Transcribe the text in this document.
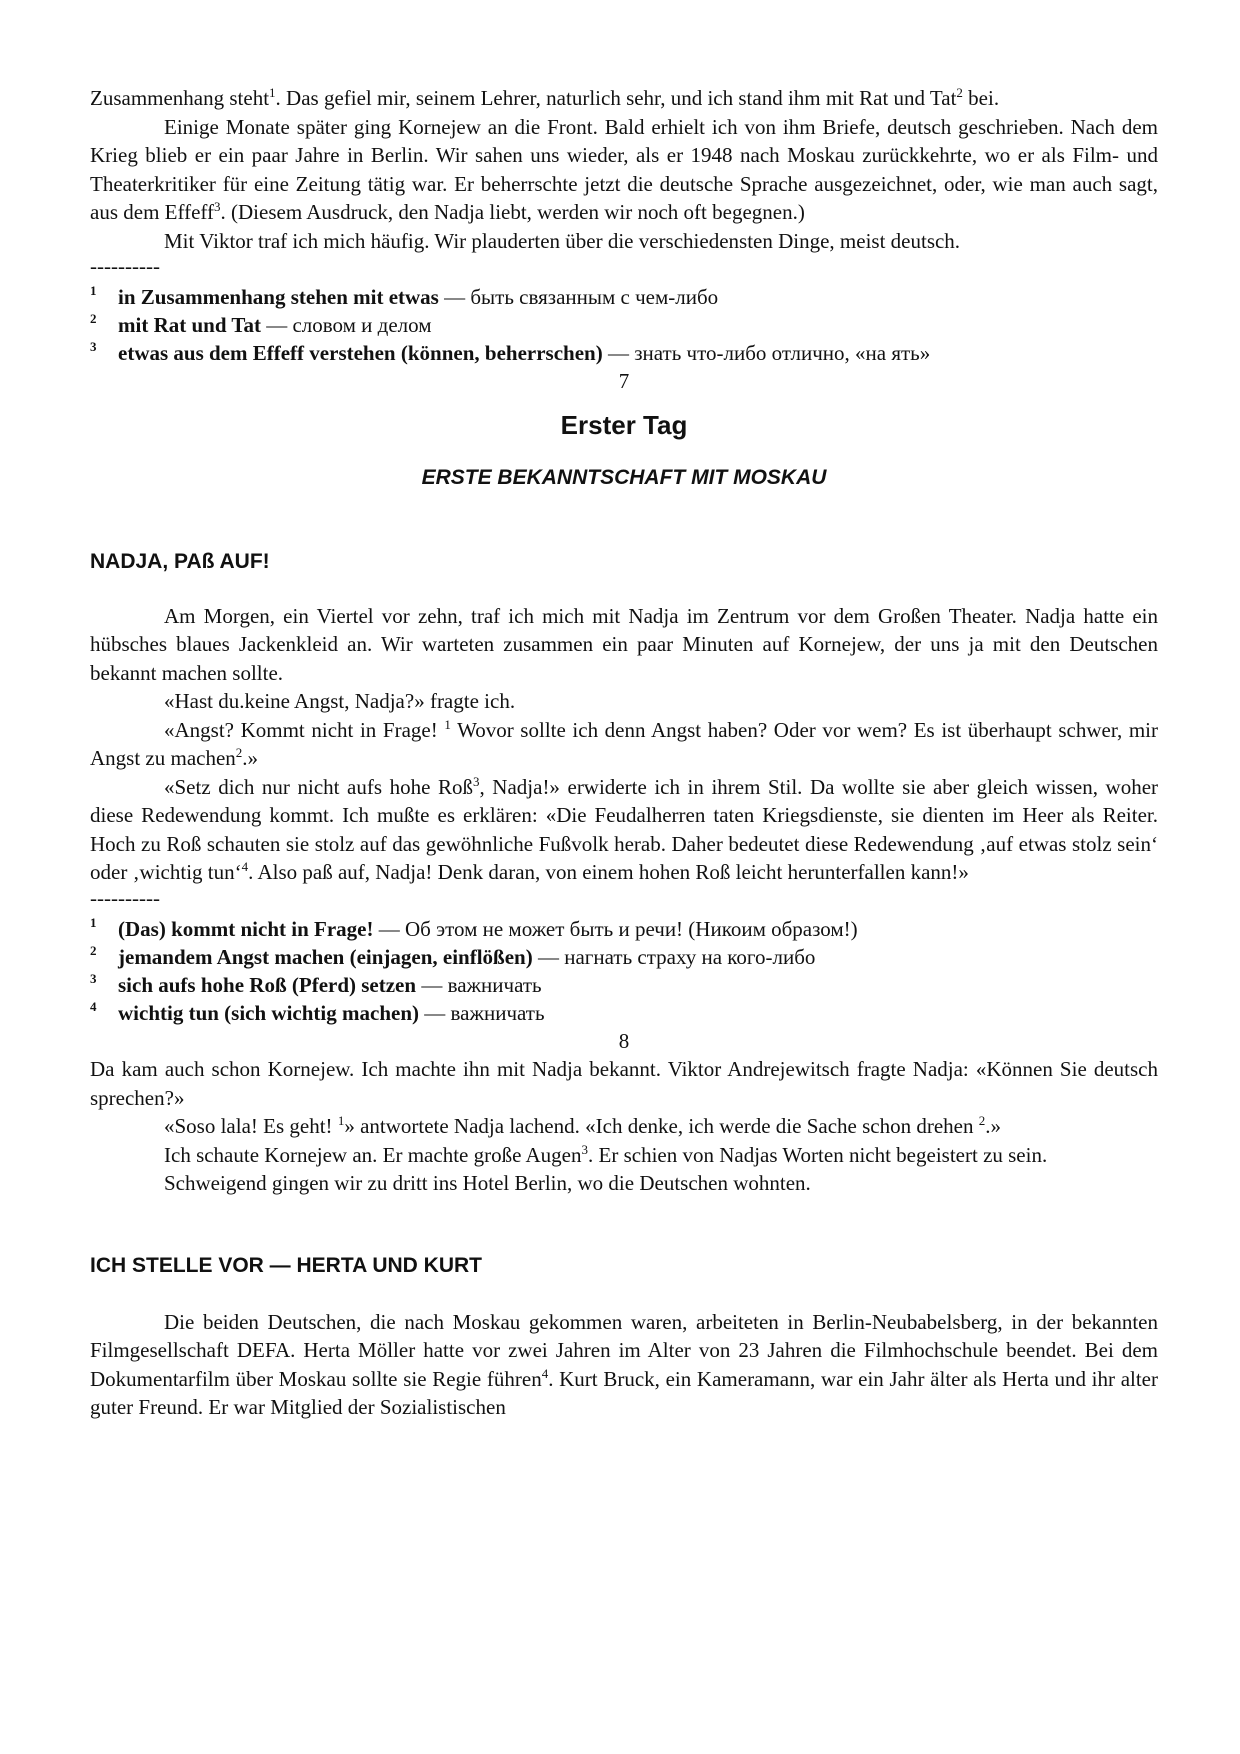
Zusammenhang steht$^1$. Das gefiel mir, seinem Lehrer, naturlich sehr, und ich stand ihm mit Rat und Tat$^2$ bei.

Einige Monate später ging Kornejew an die Front. Bald erhielt ich von ihm Briefe, deutsch geschrieben. Nach dem Krieg blieb er ein paar Jahre in Berlin. Wir sahen uns wieder, als er 1948 nach Moskau zurückkehrte, wo er als Film- und Theaterkritiker für eine Zeitung tätig war. Er beherrschte jetzt die deutsche Sprache ausgezeichnet, oder, wie man auch sagt, aus dem Effeff$^3$. (Diesem Ausdruck, den Nadja liebt, werden wir noch oft begegnen.)

Mit Viktor traf ich mich häufig. Wir plauderten über die verschiedensten Dinge, meist deutsch.

----------

1 in Zusammenhang stehen mit etwas — быть связанным с чем-либо

2 mit Rat und Tat — словом и делом

3 etwas aus dem Effeff verstehen (können, beherrschen) — знать что-либо отлично, «на ять»

7

Erster Tag
ERSTE BEKANNTSCHAFT MIT MOSKAU
NADJA, PAß AUF!

Am Morgen, ein Viertel vor zehn, traf ich mich mit Nadja im Zentrum vor dem Großen Theater. Nadja hatte ein hübsches blaues Jackenkleid an. Wir warteten zusammen ein paar Minuten auf Kornejew, der uns ja mit den Deutschen bekannt machen sollte.

«Hast du.keine Angst, Nadja?» fragte ich.

«Angst? Kommt nicht in Frage! $^1$ Wovor sollte ich denn Angst haben? Oder vor wem? Es ist überhaupt schwer, mir Angst zu machen$^2$.»

«Setz dich nur nicht aufs hohe Roß$^3$, Nadja!» erwiderte ich in ihrem Stil. Da wollte sie aber gleich wissen, woher diese Redewendung kommt. Ich mußte es erklären: «Die Feudalherren taten Kriegsdienste, sie dienten im Heer als Reiter. Hoch zu Roß schauten sie stolz auf das gewöhnliche Fußvolk herab. Daher bedeutet diese Redewendung ‚auf etwas stolz sein‘ oder ‚wichtig tun‘$^4$. Also paß auf, Nadja! Denk daran, von einem hohen Roß leicht herunterfallen kann!»

----------

1 (Das) kommt nicht in Frage! — Об этом не может быть и речи! (Никоим образом!)

2 jemandem Angst machen (einjagen, einflößen) — нагнать страху на кого-либо

3 sich aufs hohe Roß (Pferd) setzen — важничать

4 wichtig tun (sich wichtig machen) — важничать

8

Da kam auch schon Kornejew. Ich machte ihn mit Nadja bekannt. Viktor Andrejewitsch fragte Nadja: «Können Sie deutsch sprechen?»

«Soso lala! Es geht! $^1$» antwortete Nadja lachend. «Ich denke, ich werde die Sache schon drehen $^2$.»

Ich schaute Kornejew an. Er machte große Augen$^3$. Er schien von Nadjas Worten nicht begeistert zu sein.

Schweigend gingen wir zu dritt ins Hotel Berlin, wo die Deutschen wohnten.

ICH STELLE VOR — HERTA UND KURT

Die beiden Deutschen, die nach Moskau gekommen waren, arbeiteten in Berlin-Neubabelsberg, in der bekannten Filmgesellschaft DEFA. Herta Möller hatte vor zwei Jahren im Alter von 23 Jahren die Filmhochschule beendet. Bei dem Dokumentarfilm über Moskau sollte sie Regie führen$^4$. Kurt Bruck, ein Kameramann, war ein Jahr älter als Herta und ihr alter guter Freund. Er war Mitglied der Sozialistischen
